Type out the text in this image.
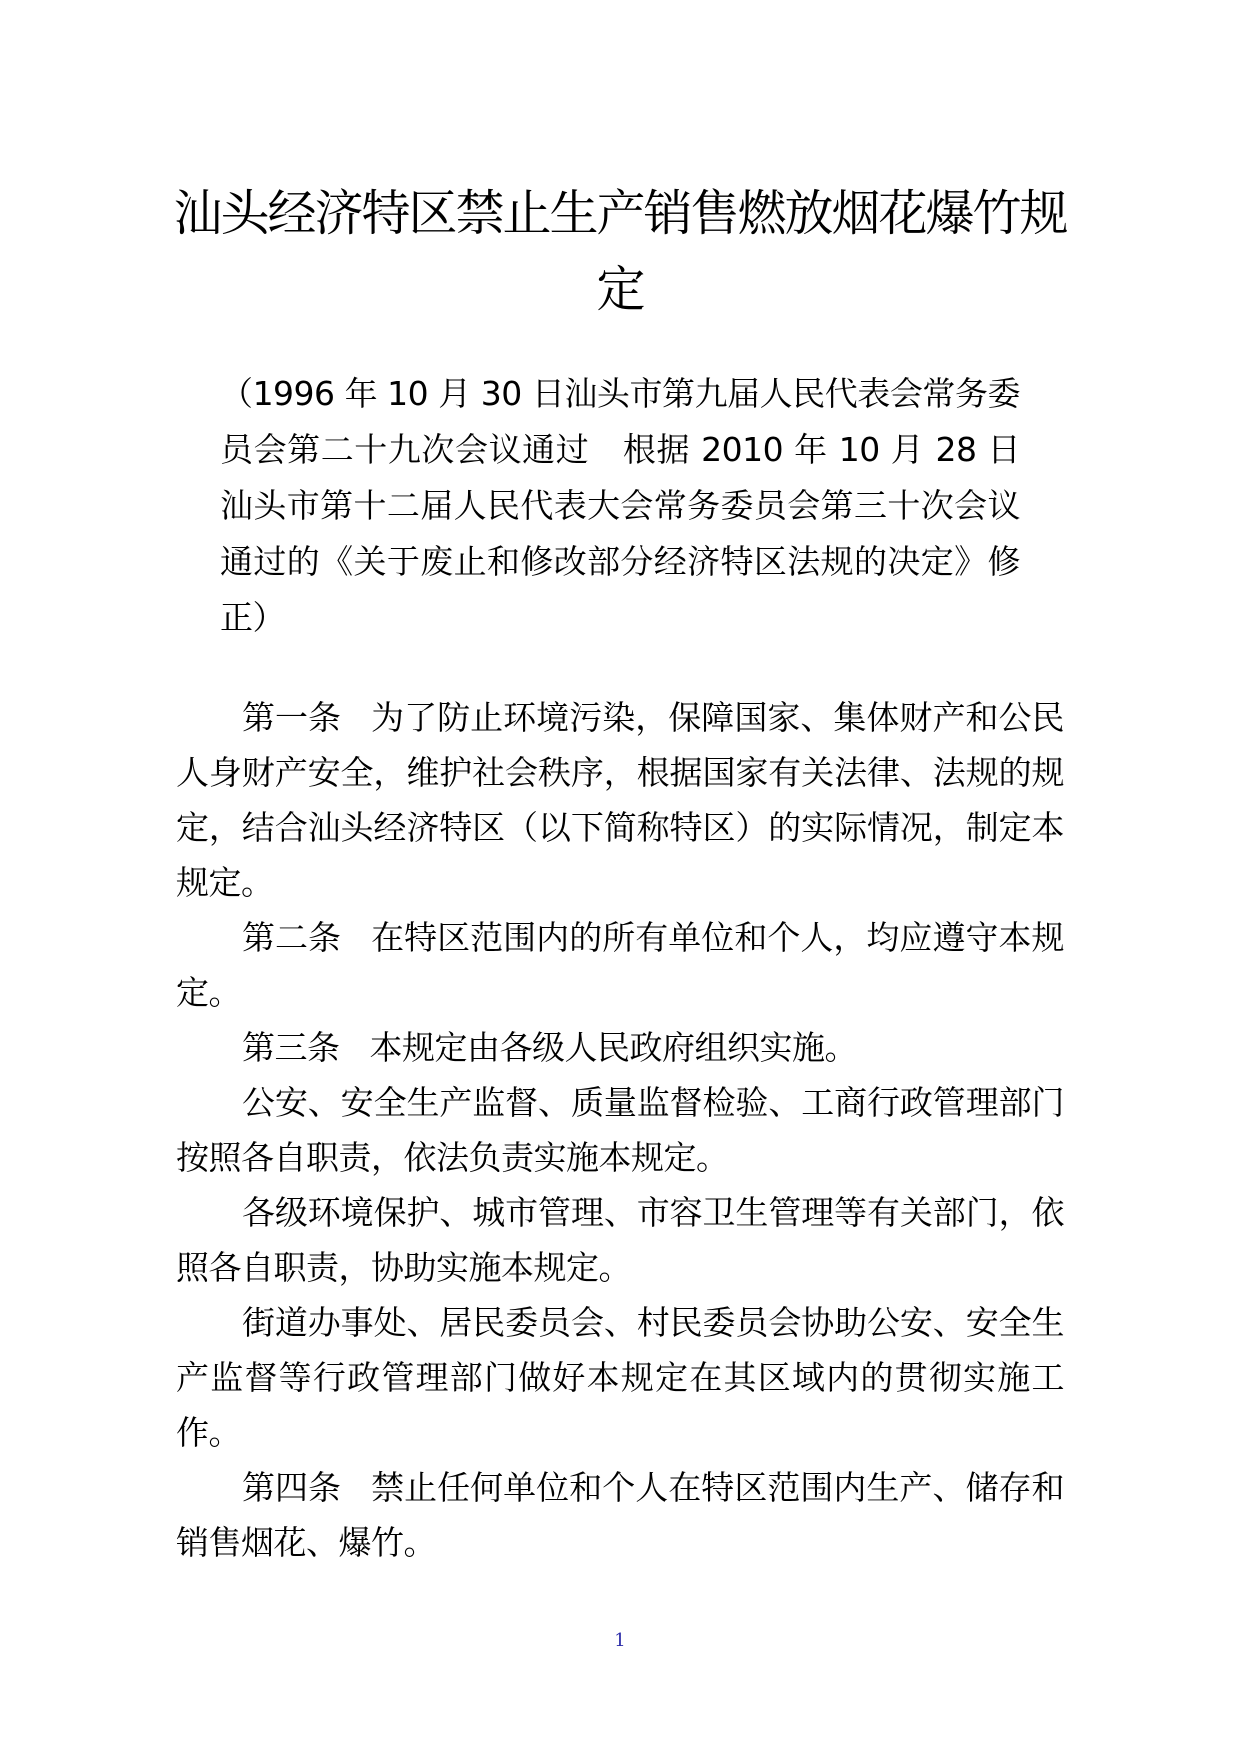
汕头经济特区禁止生产销售燃放烟花爆竹规定

（1996 年 10 月 30 日汕头市第九届人民代表会常务委员会第二十九次会议通过　根据 2010 年 10 月 28 日汕头市第十二届人民代表大会常务委员会第三十次会议通过的《关于废止和修改部分经济特区法规的决定》修正）

第一条 为了防止环境污染，保障国家、集体财产和公民人身财产安全，维护社会秩序，根据国家有关法律、法规的规定，结合汕头经济特区（以下简称特区）的实际情况，制定本规定。

第二条 在特区范围内的所有单位和个人，均应遵守本规定。

第三条 本规定由各级人民政府组织实施。

公安、安全生产监督、质量监督检验、工商行政管理部门按照各自职责，依法负责实施本规定。

各级环境保护、城市管理、市容卫生管理等有关部门，依照各自职责，协助实施本规定。

街道办事处、居民委员会、村民委员会协助公安、安全生产监督等行政管理部门做好本规定在其区域内的贯彻实施工作。

第四条 禁止任何单位和个人在特区范围内生产、储存和销售烟花、爆竹。

1
